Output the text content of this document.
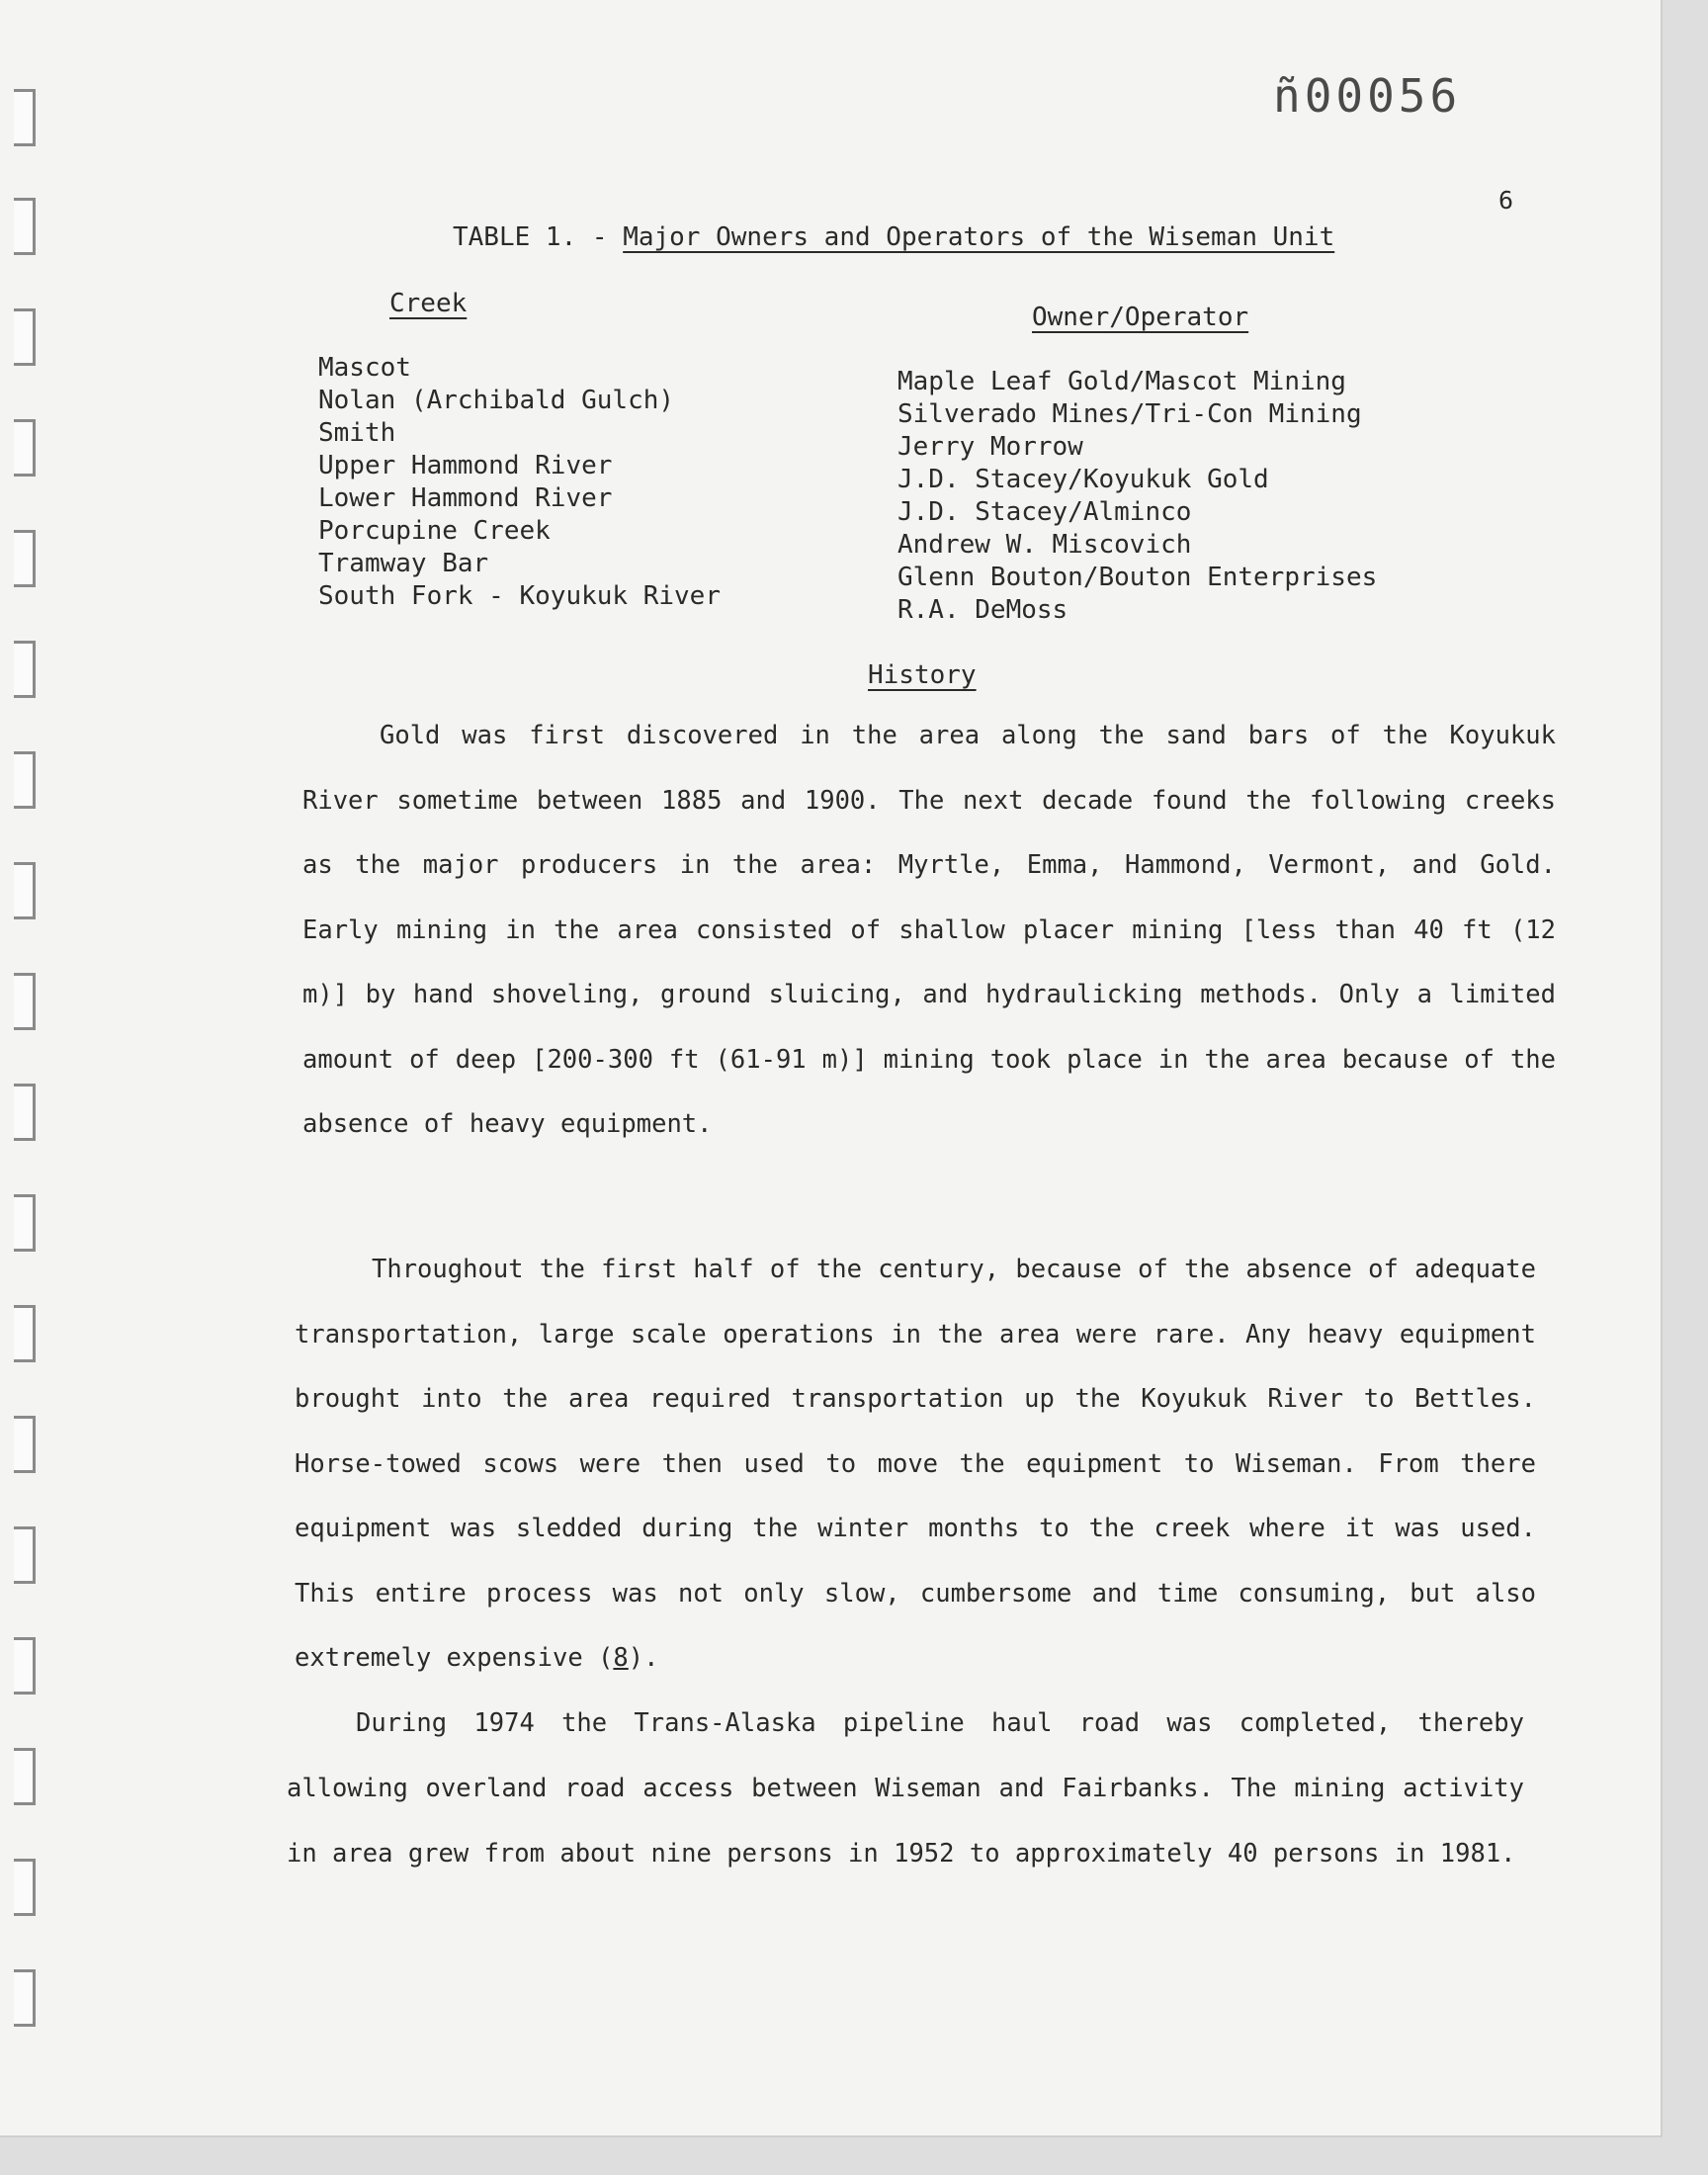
ñ00056
6
TABLE 1. - Major Owners and Operators of the Wiseman Unit
Creek	Owner/Operator
Mascot
Nolan (Archibald Gulch)
Smith
Upper Hammond River
Lower Hammond River
Porcupine Creek
Tramway Bar
South Fork - Koyukuk River
Maple Leaf Gold/Mascot Mining
Silverado Mines/Tri-Con Mining
Jerry Morrow
J.D. Stacey/Koyukuk Gold
J.D. Stacey/Alminco
Andrew W. Miscovich
Glenn Bouton/Bouton Enterprises
R.A. DeMoss
History

Gold was first discovered in the area along the sand bars of the Koyukuk River sometime between 1885 and 1900. The next decade found the following creeks as the major producers in the area: Myrtle, Emma, Hammond, Vermont, and Gold. Early mining in the area consisted of shallow placer mining [less than 40 ft (12 m)] by hand shoveling, ground sluicing, and hydraulicking methods. Only a limited amount of deep [200-300 ft (61-91 m)] mining took place in the area because of the absence of heavy equipment.

Throughout the first half of the century, because of the absence of adequate transportation, large scale operations in the area were rare. Any heavy equipment brought into the area required transportation up the Koyukuk River to Bettles. Horse-towed scows were then used to move the equipment to Wiseman. From there equipment was sledded during the winter months to the creek where it was used. This entire process was not only slow, cumbersome and time consuming, but also extremely expensive (8).

During 1974 the Trans-Alaska pipeline haul road was completed, thereby allowing overland road access between Wiseman and Fairbanks. The mining activity in area grew from about nine persons in 1952 to approximately 40 persons in 1981.
